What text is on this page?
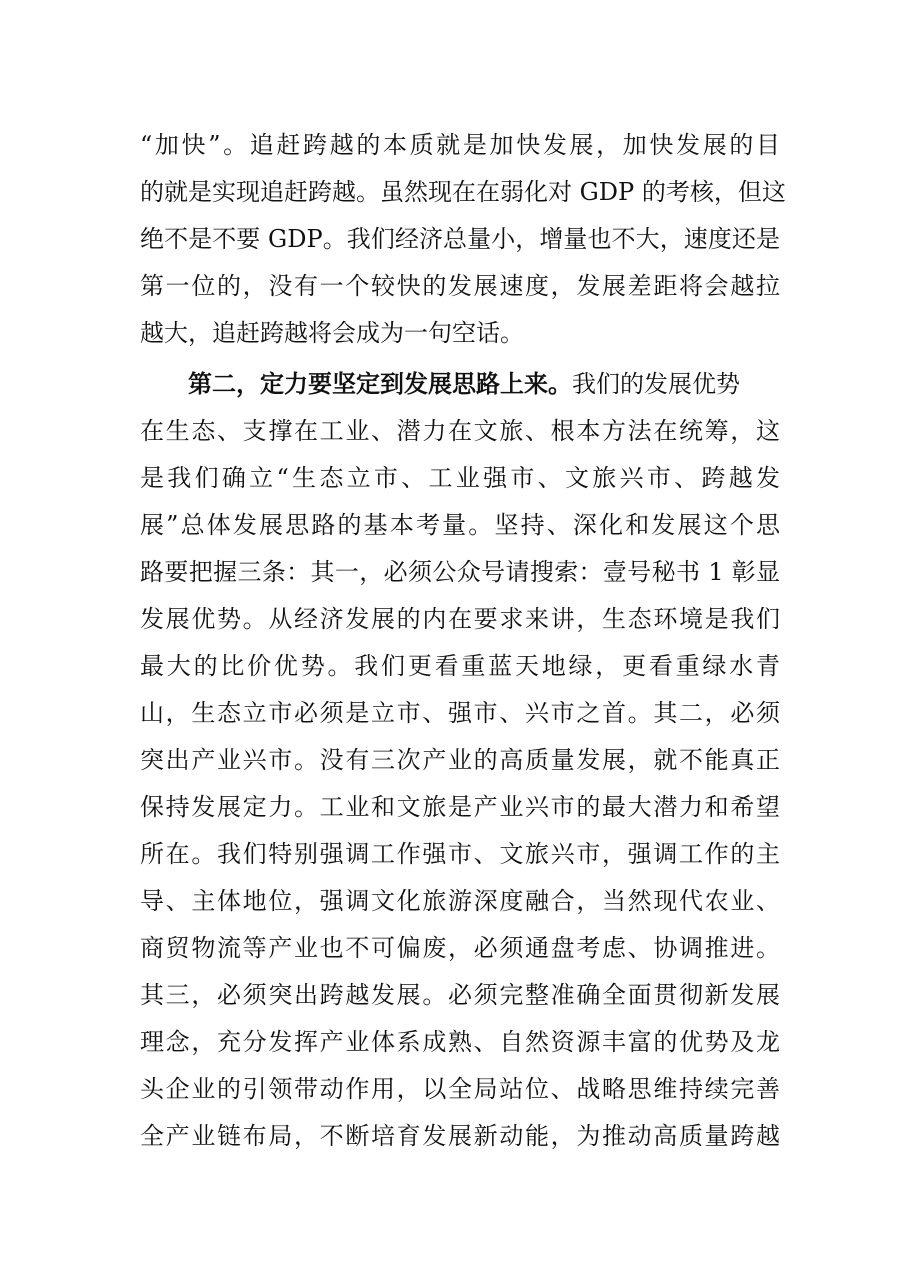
“加快”。追赶跨越的本质就是加快发展，加快发展的目
的就是实现追赶跨越。虽然现在在弱化对 GDP 的考核，但这
绝不是不要 GDP。我们经济总量小，增量也不大，速度还是
第一位的，没有一个较快的发展速度，发展差距将会越拉
越大，追赶跨越将会成为一句空话。
第二，定力要坚定到发展思路上来。我们的发展优势
在生态、支撑在工业、潜力在文旅、根本方法在统筹，这
是我们确立“生态立市、工业强市、文旅兴市、跨越发
展”总体发展思路的基本考量。坚持、深化和发展这个思
路要把握三条：其一，必须公众号请搜索：壹号秘书 1 彰显
发展优势。从经济发展的内在要求来讲，生态环境是我们
最大的比价优势。我们更看重蓝天地绿，更看重绿水青
山，生态立市必须是立市、强市、兴市之首。其二，必须
突出产业兴市。没有三次产业的高质量发展，就不能真正
保持发展定力。工业和文旅是产业兴市的最大潜力和希望
所在。我们特别强调工作强市、文旅兴市，强调工作的主
导、主体地位，强调文化旅游深度融合，当然现代农业、
商贸物流等产业也不可偏废，必须通盘考虑、协调推进。
其三，必须突出跨越发展。必须完整准确全面贯彻新发展
理念，充分发挥产业体系成熟、自然资源丰富的优势及龙
头企业的引领带动作用，以全局站位、战略思维持续完善
全产业链布局，不断培育发展新动能，为推动高质量跨越
